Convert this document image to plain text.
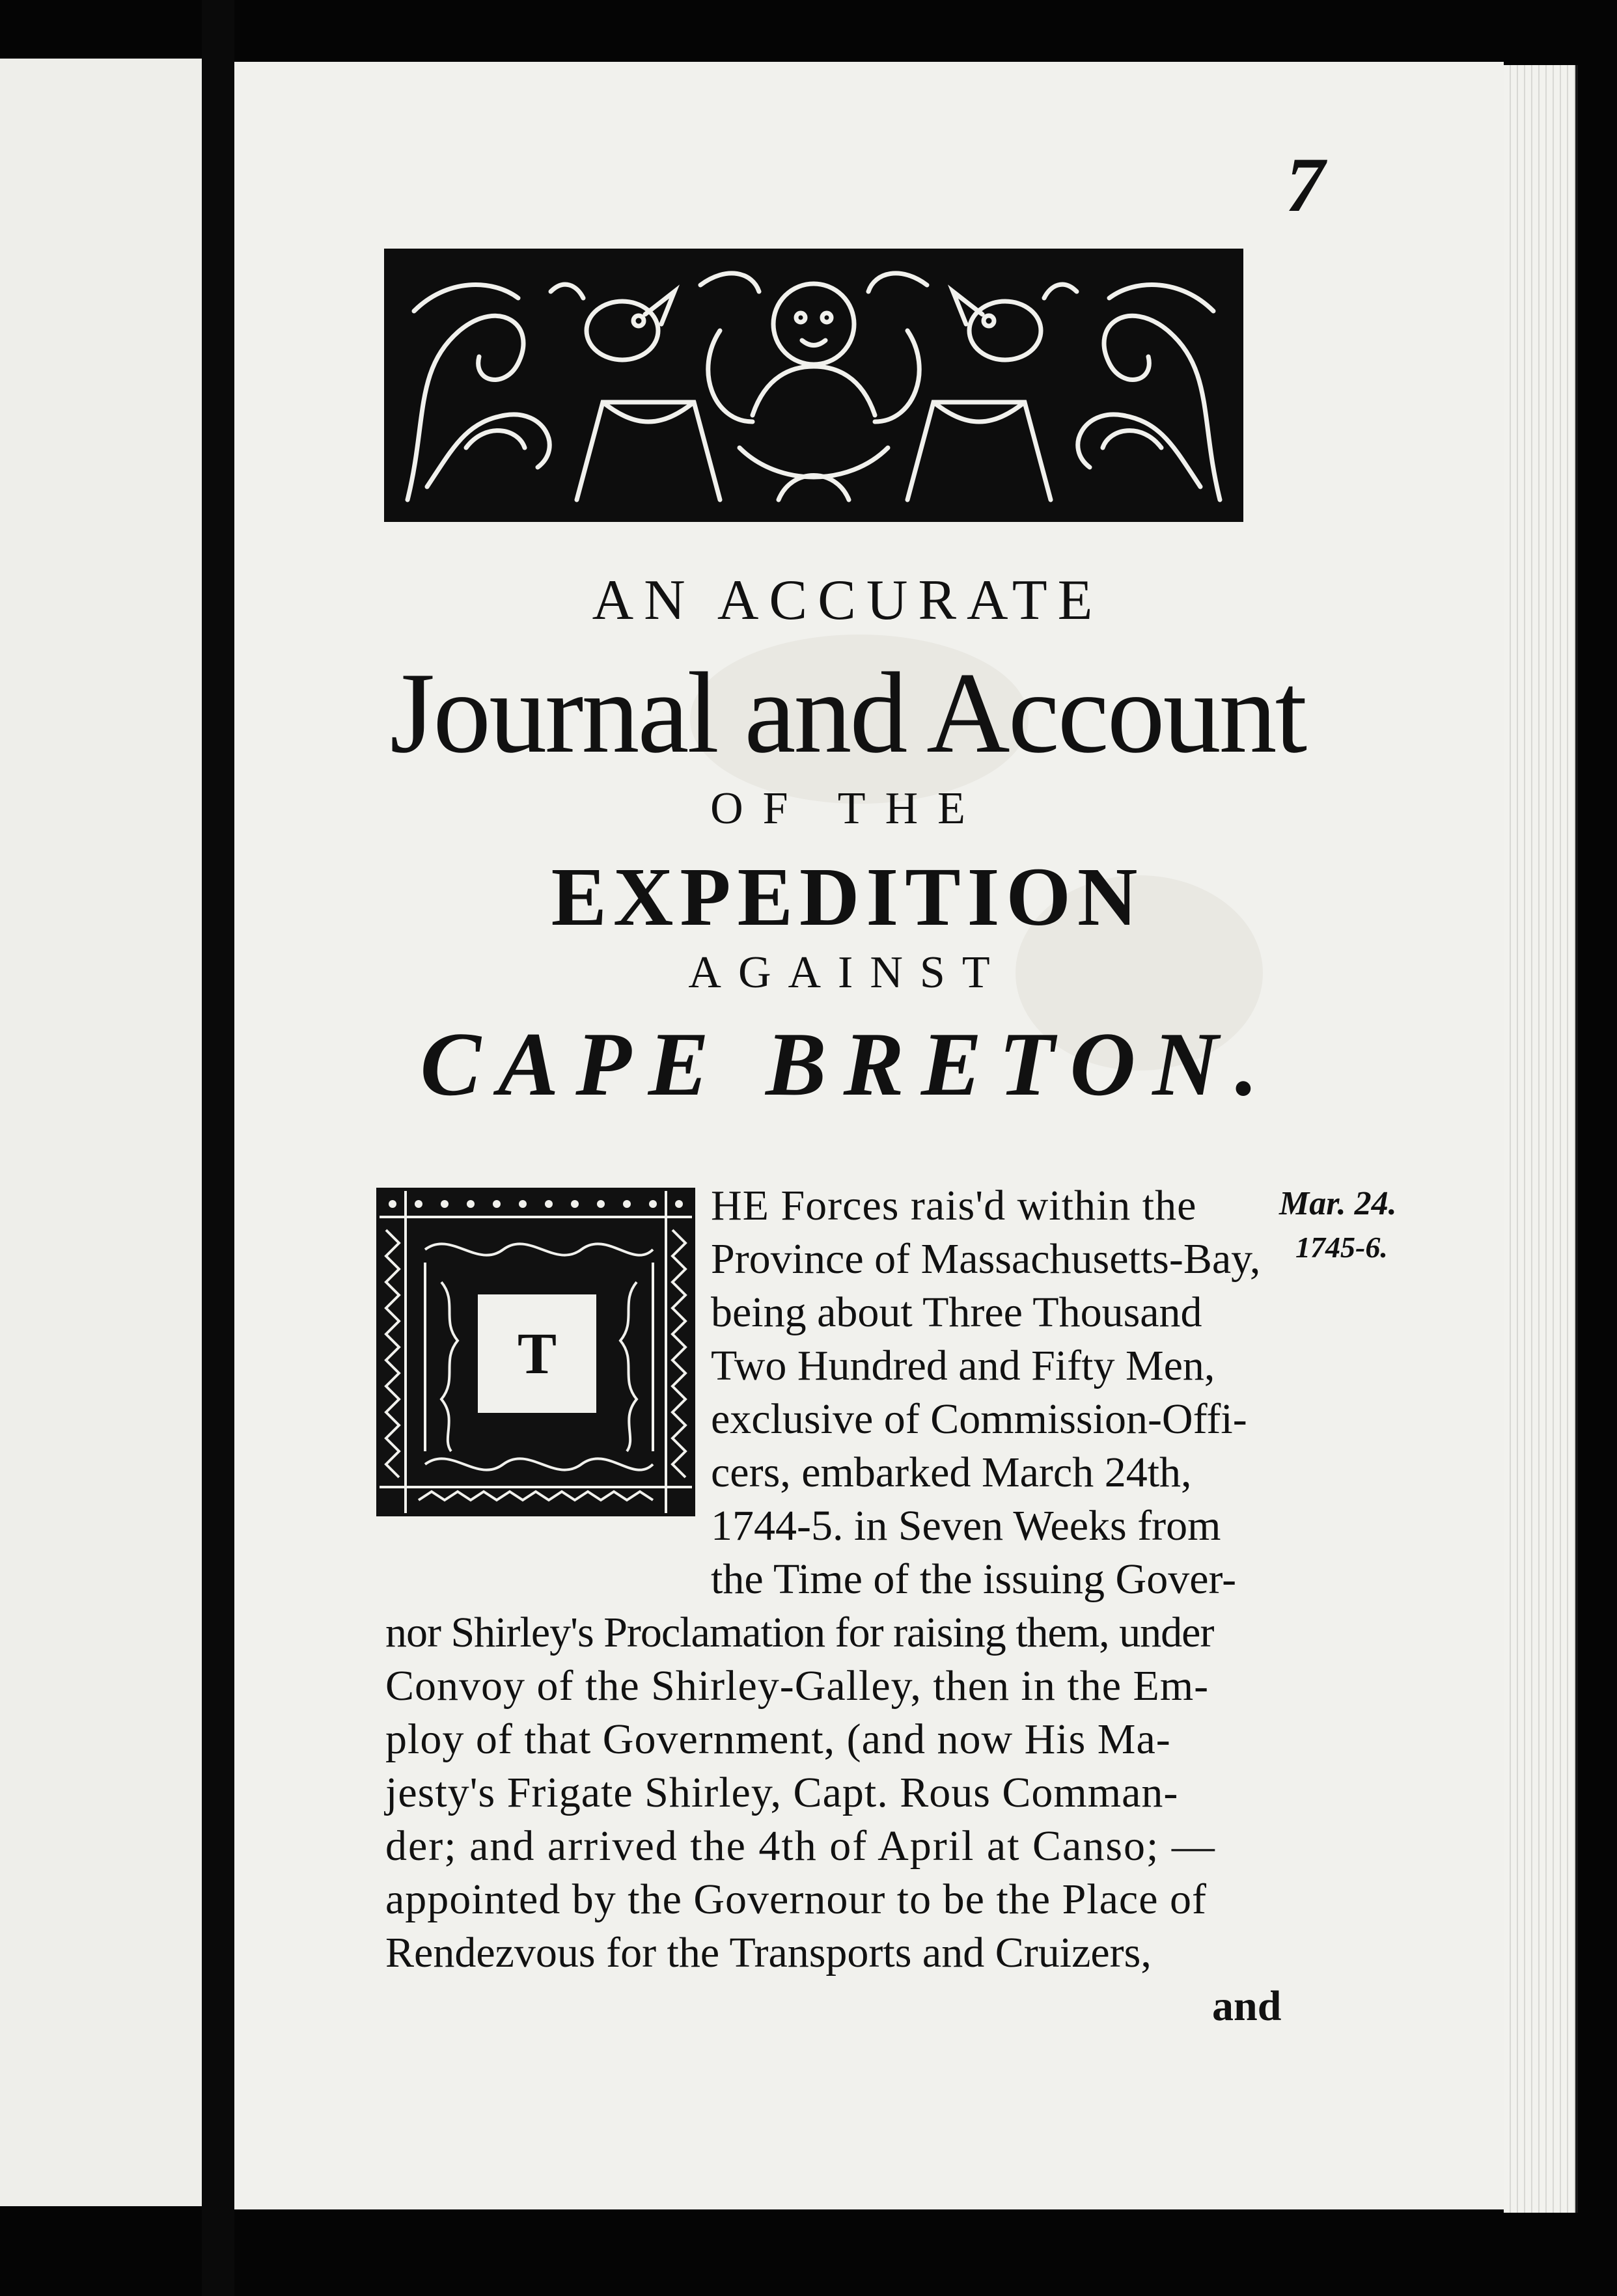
7
AN ACCURATE
Journal and Account
OF THE
EXPEDITION
AGAINST
CAPE BRETON.
T
HE Forces rais'd within the
Province of Massachusetts-Bay,
being about Three Thousand
Two Hundred and Fifty Men,
exclusive of Commission-Offi-
cers, embarked March 24th,
1744-5. in Seven Weeks from
the Time of the issuing Gover-
nor Shirley's Proclamation for raising them, under
Convoy of the Shirley-Galley, then in the Em-
ploy of that Government, (and now His Ma-
jesty's Frigate Shirley, Capt. Rous Comman-
der; and arrived the 4th of April at Canso; —
appointed by the Governour to be the Place of
Rendezvous for the Transports and Cruizers,
and
Mar. 24.
1745-6.
